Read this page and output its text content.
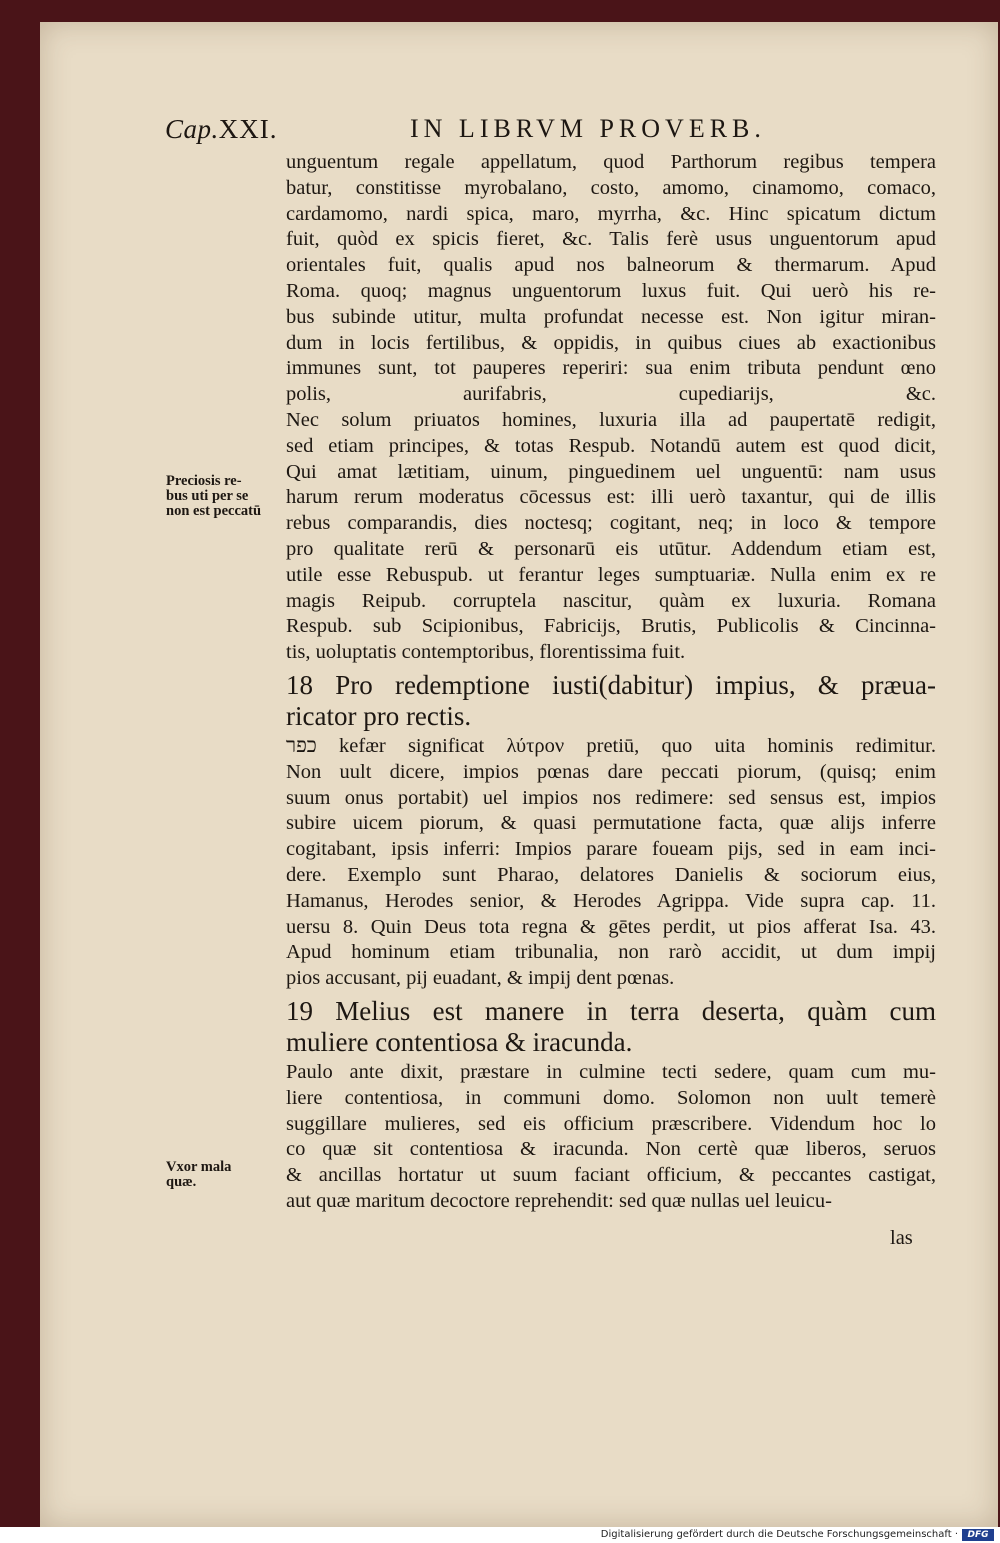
Cap.XXI.	IN LIBRVM PROVERB.
Preciosis re-
bus uti per se
non est peccatū
Vxor mala
quæ.
unguentum regale appellatum, quod Parthorum regibus tempera
batur, constitisse myrobalano, costo, amomo, cinamomo, comaco,
cardamomo, nardi spica, maro, myrrha, &c. Hinc spicatum dictum
fuit, quòd ex spicis fieret, &c. Talis ferè usus unguentorum apud
orientales fuit, qualis apud nos balneorum & thermarum. Apud
Roma. quoq; magnus unguentorum luxus fuit. Qui uerò his re-
bus subinde utitur, multa profundat necesse est. Non igitur miran-
dum in locis fertilibus, & oppidis, in quibus ciues ab exactionibus
immunes sunt, tot pauperes reperiri: sua enim tributa pendunt œno
polis, aurifabris, cupediarijs, &c.
Nec solum priuatos homines, luxuria illa ad paupertatē redigit,
sed etiam principes, & totas Respub. Notandū autem est quod dicit,
Qui amat lætitiam, uinum, pinguedinem uel unguentū: nam usus
harum rerum moderatus cōcessus est: illi uerò taxantur, qui de illis
rebus comparandis, dies noctesq; cogitant, neq; in loco & tempore
pro qualitate rerū & personarū eis utūtur. Addendum etiam est,
utile esse Rebuspub. ut ferantur leges sumptuariæ. Nulla enim ex re
magis Reipub. corruptela nascitur, quàm ex luxuria. Romana
Respub. sub Scipionibus, Fabricijs, Brutis, Publicolis & Cincinna-
tis, uoluptatis contemptoribus, florentissima fuit.
18 Pro redemptione iusti(dabitur) impius, & præua-
ricator pro rectis.
כפר kefær significat λύτρον pretiū, quo uita hominis redimitur.
Non uult dicere, impios pœnas dare peccati piorum, (quisq; enim
suum onus portabit) uel impios nos redimere: sed sensus est, impios
subire uicem piorum, & quasi permutatione facta, quæ alijs inferre
cogitabant, ipsis inferri: Impios parare foueam pijs, sed in eam inci-
dere. Exemplo sunt Pharao, delatores Danielis & sociorum eius,
Hamanus, Herodes senior, & Herodes Agrippa. Vide supra cap. 11.
uersu 8. Quin Deus tota regna & gētes perdit, ut pios afferat Isa. 43.
Apud hominum etiam tribunalia, non rarò accidit, ut dum impij
pios accusant, pij euadant, & impij dent pœnas.
19 Melius est manere in terra deserta, quàm cum
muliere contentiosa & iracunda.
Paulo ante dixit, præstare in culmine tecti sedere, quam cum mu-
liere contentiosa, in communi domo. Solomon non uult temerè
suggillare mulieres, sed eis officium præscribere. Videndum hoc lo
co quæ sit contentiosa & iracunda. Non certè quæ liberos, seruos
& ancillas hortatur ut suum faciant officium, & peccantes castigat,
aut quæ maritum decoctore reprehendit: sed quæ nullas uel leuicu-
las
Digitalisierung gefördert durch die Deutsche Forschungsgemeinschaft ·	DFG
